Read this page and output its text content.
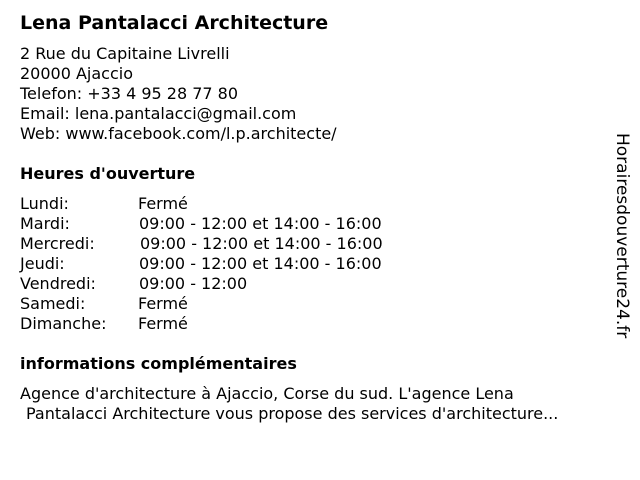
Lena Pantalacci Architecture
2 Rue du Capitaine Livrelli
20000 Ajaccio
Telefon: +33 4 95 28 77 80
Email: lena.pantalacci@gmail.com
Web: www.facebook.com/l.p.architecte/
Heures d'ouverture
Lundi:	Fermé
Mardi:	09:00 - 12:00 et 14:00 - 16:00
Mercredi:	09:00 - 12:00 et 14:00 - 16:00
Jeudi:	09:00 - 12:00 et 14:00 - 16:00
Vendredi:	09:00 - 12:00
Samedi:	Fermé
Dimanche: Fermé
informations complémentaires
Agence d'architecture à Ajaccio, Corse du sud. L'agence Lena
Pantalacci Architecture vous propose des services d'architecture...
Horairesdouverture24.fr
